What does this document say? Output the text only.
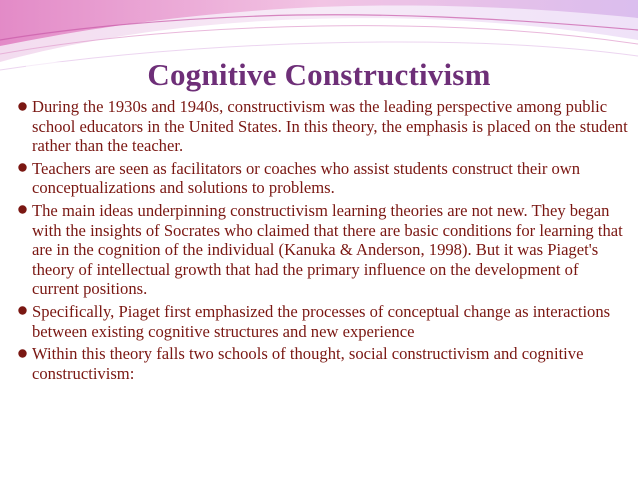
Cognitive Constructivism
During the 1930s and 1940s, constructivism was the leading perspective among public school educators in the United States. In this theory, the emphasis is placed on the student rather than the teacher.
Teachers are seen as facilitators or coaches who assist students construct their own conceptualizations and solutions to problems.
The main ideas underpinning constructivism learning theories are not new. They began with the insights of Socrates who claimed that there are basic conditions for learning that are in the cognition of the individual (Kanuka & Anderson, 1998). But it was Piaget's theory of intellectual growth that had the primary influence on the development of current positions.
Specifically, Piaget first emphasized the processes of conceptual change as interactions between existing cognitive structures and new experience
Within this theory falls two schools of thought, social constructivism and cognitive constructivism:
